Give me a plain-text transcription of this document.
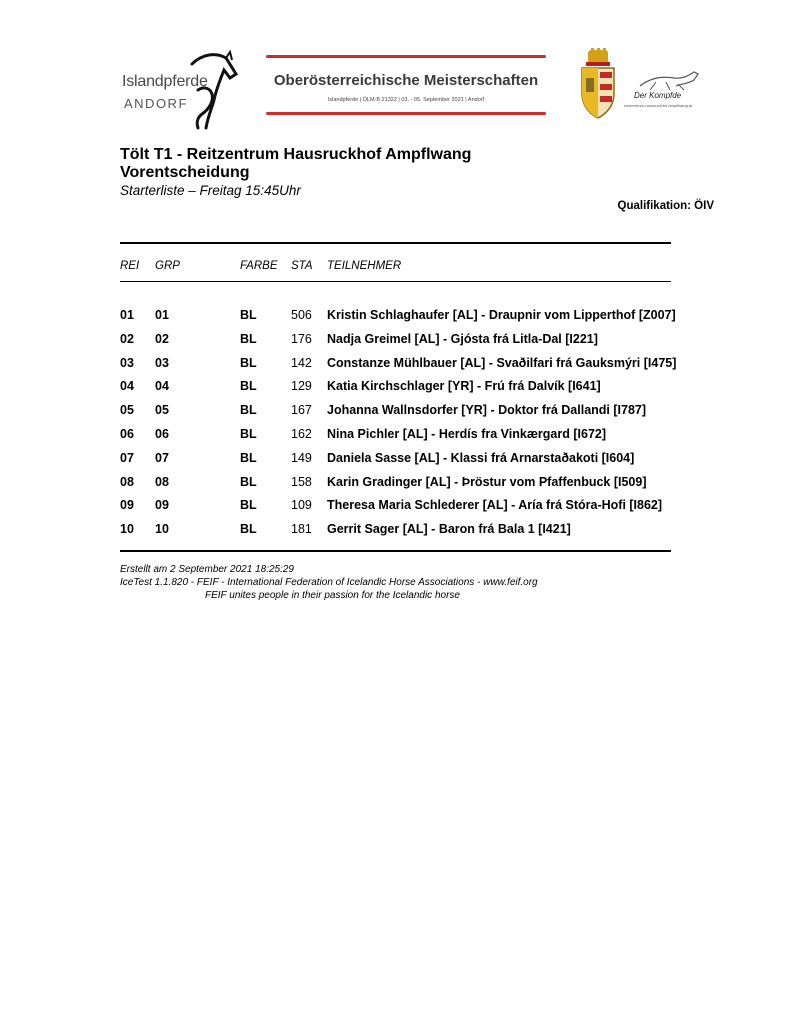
Islandpferde
ANDORF
Oberösterreichische Meisterschaften
Islandpferde | ÖLM-B 21322 | 03. - 05. September 2021 | Andorf	Der Kompfde
reitzentrum-hausruckhof-ampflwang.at
Tölt T1 - Reitzentrum Hausruckhof Ampflwang
Vorentscheidung
Starterliste – Freitag 15:45Uhr
Qualifikation: ÖIV
REI GRP	FARBE STA TEILNEHMER
01 01	BL	506 Kristin Schlaghaufer [AL] - Draupnir vom Lipperthof [Z007]
02 02	BL	176 Nadja Greimel [AL] - Gjósta frá Litla-Dal [I221]
03 03	BL	142 Constanze Mühlbauer [AL] - Svaðilfari frá Gauksmýri [I475]
04 04	BL	129 Katia Kirchschlager [YR] - Frú frá Dalvík [I641]
05 05	BL	167 Johanna Wallnsdorfer [YR] - Doktor frá Dallandi [I787]
06 06	BL	162 Nina Pichler [AL] - Herdís fra Vinkærgard [I672]
07 07	BL	149 Daniela Sasse [AL] - Klassi frá Arnarstaðakoti [I604]
08 08	BL	158 Karin Gradinger [AL] - Þröstur vom Pfaffenbuck [I509]
09 09	BL	109 Theresa Maria Schlederer [AL] - Aría frá Stóra-Hofi [I862]
10 10	BL	181 Gerrit Sager [AL] - Baron frá Bala 1 [I421]
Erstellt am 2 September 2021 18:25:29
IceTest 1.1.820 - FEIF - International Federation of Icelandic Horse Associations - www.feif.org
FEIF unites people in their passion for the Icelandic horse
